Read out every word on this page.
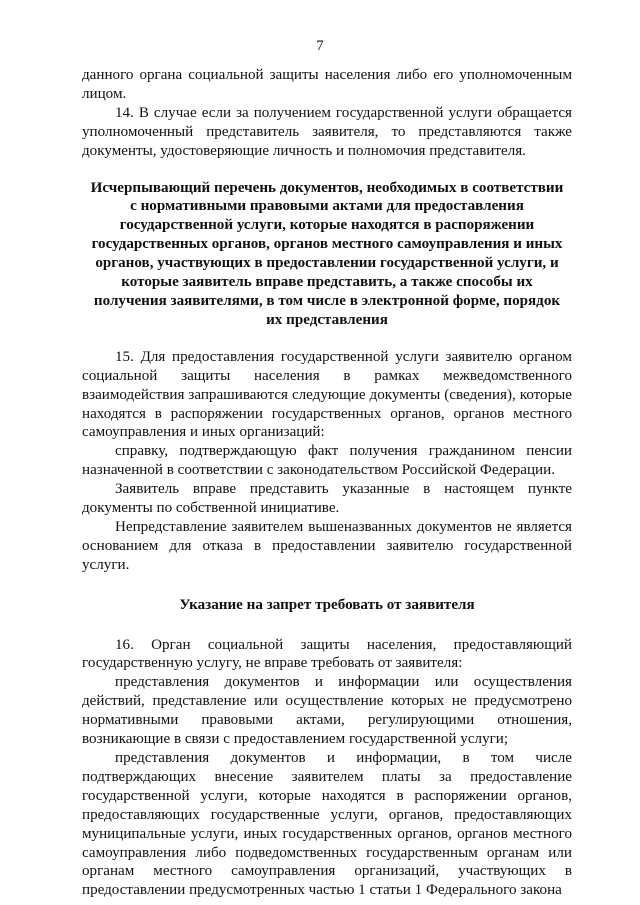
7

данного органа социальной защиты населения либо его уполномоченным лицом.

14. В случае если за получением государственной услуги обращается уполномоченный представитель заявителя, то представляются также документы, удостоверяющие личность и полномочия представителя.

Исчерпывающий перечень документов, необходимых в соответствии с нормативными правовыми актами для предоставления государственной услуги, которые находятся в распоряжении государственных органов, органов местного самоуправления и иных органов, участвующих в предоставлении государственной услуги, и которые заявитель вправе представить, а также способы их получения заявителями, в том числе в электронной форме, порядок их представления

15. Для предоставления государственной услуги заявителю органом социальной защиты населения в рамках межведомственного взаимодействия запрашиваются следующие документы (сведения), которые находятся в распоряжении государственных органов, органов местного самоуправления и иных организаций:

справку, подтверждающую факт получения гражданином пенсии назначенной в соответствии с законодательством Российской Федерации.

Заявитель вправе представить указанные в настоящем пункте документы по собственной инициативе.

Непредставление заявителем вышеназванных документов не является основанием для отказа в предоставлении заявителю государственной услуги.

Указание на запрет требовать от заявителя

16. Орган социальной защиты населения, предоставляющий государственную услугу, не вправе требовать от заявителя:

представления документов и информации или осуществления действий, представление или осуществление которых не предусмотрено нормативными правовыми актами, регулирующими отношения, возникающие в связи с предоставлением государственной услуги;

представления документов и информации, в том числе подтверждающих внесение заявителем платы за предоставление государственной услуги, которые находятся в распоряжении органов, предоставляющих государственные услуги, органов, предоставляющих муниципальные услуги, иных государственных органов, органов местного самоуправления либо подведомственных государственным органам или органам местного самоуправления организаций, участвующих в предоставлении предусмотренных частью 1 статьи 1 Федерального закона
